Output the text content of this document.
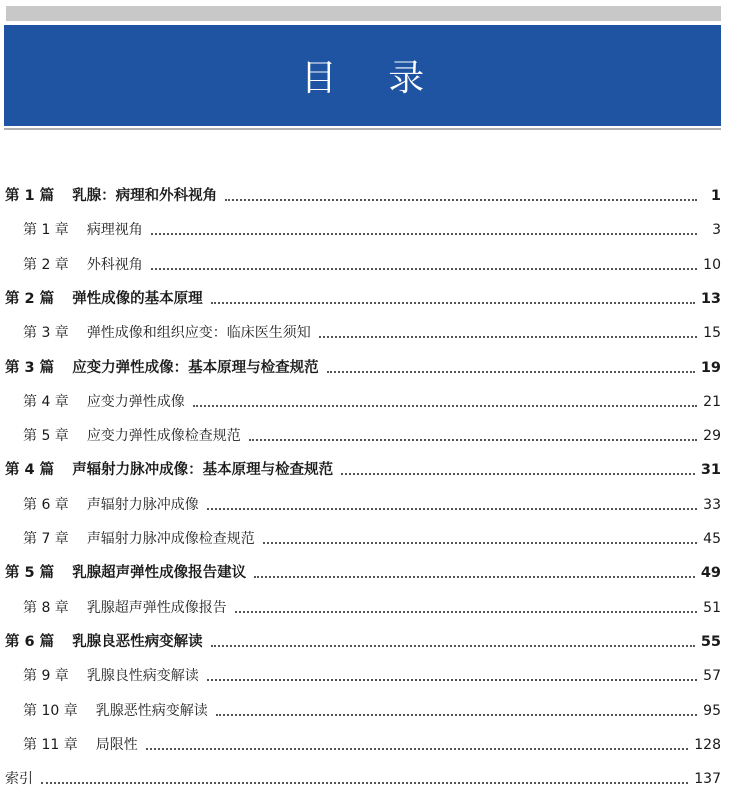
目 录
第 1 篇 乳腺：病理和外科视角	1
第 1 章 病理视角	3
第 2 章 外科视角	10
第 2 篇 弹性成像的基本原理	13
第 3 章 弹性成像和组织应变：临床医生须知	15
第 3 篇 应变力弹性成像：基本原理与检查规范	19
第 4 章 应变力弹性成像	21
第 5 章 应变力弹性成像检查规范	29
第 4 篇 声辐射力脉冲成像：基本原理与检查规范	31
第 6 章 声辐射力脉冲成像	33
第 7 章 声辐射力脉冲成像检查规范	45
第 5 篇 乳腺超声弹性成像报告建议	49
第 8 章 乳腺超声弹性成像报告	51
第 6 篇 乳腺良恶性病变解读	55
第 9 章 乳腺良性病变解读	57
第 10 章 乳腺恶性病变解读	95
第 11 章 局限性	128
索引	137
